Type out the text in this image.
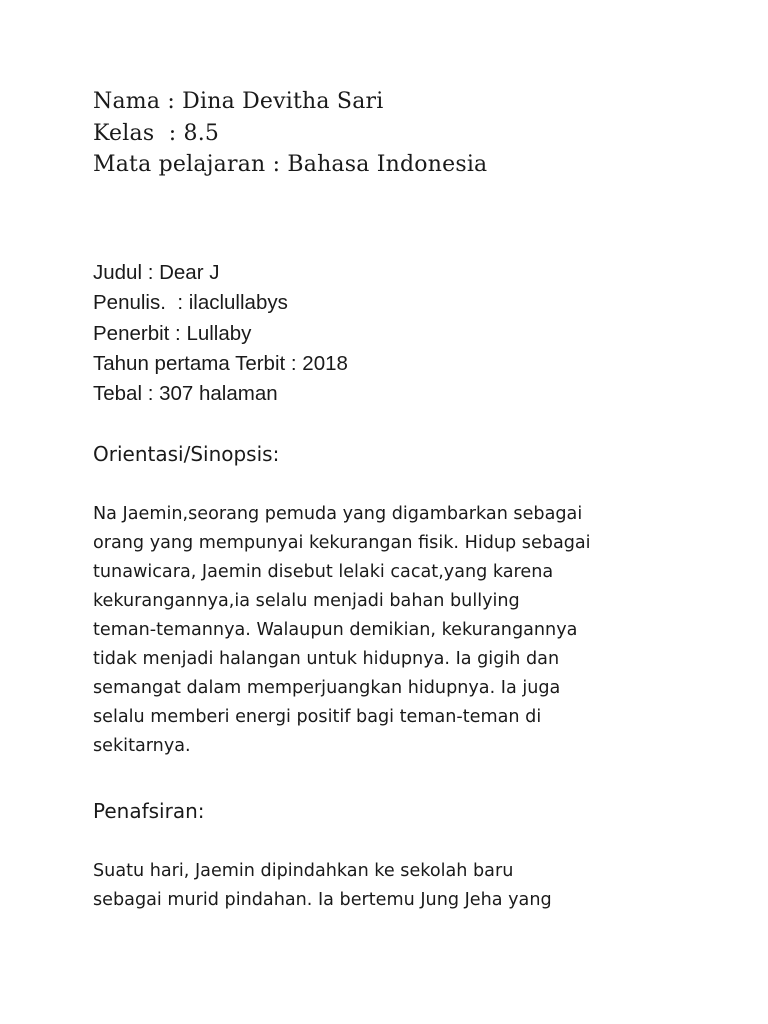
Nama : Dina Devitha Sari
Kelas  : 8.5
Mata pelajaran : Bahasa Indonesia
Judul : Dear J
Penulis.  : ilaclullabys
Penerbit : Lullaby
Tahun pertama Terbit : 2018
Tebal : 307 halaman
Orientasi/Sinopsis:
Na Jaemin,seorang pemuda yang digambarkan sebagai
orang yang mempunyai kekurangan fisik. Hidup sebagai
tunawicara, Jaemin disebut lelaki cacat,yang karena
kekurangannya,ia selalu menjadi bahan bullying
teman-temannya. Walaupun demikian, kekurangannya
tidak menjadi halangan untuk hidupnya. Ia gigih dan
semangat dalam memperjuangkan hidupnya. Ia juga
selalu memberi energi positif bagi teman-teman di
sekitarnya.
Penafsiran:
Suatu hari, Jaemin dipindahkan ke sekolah baru
sebagai murid pindahan. Ia bertemu Jung Jeha yang
